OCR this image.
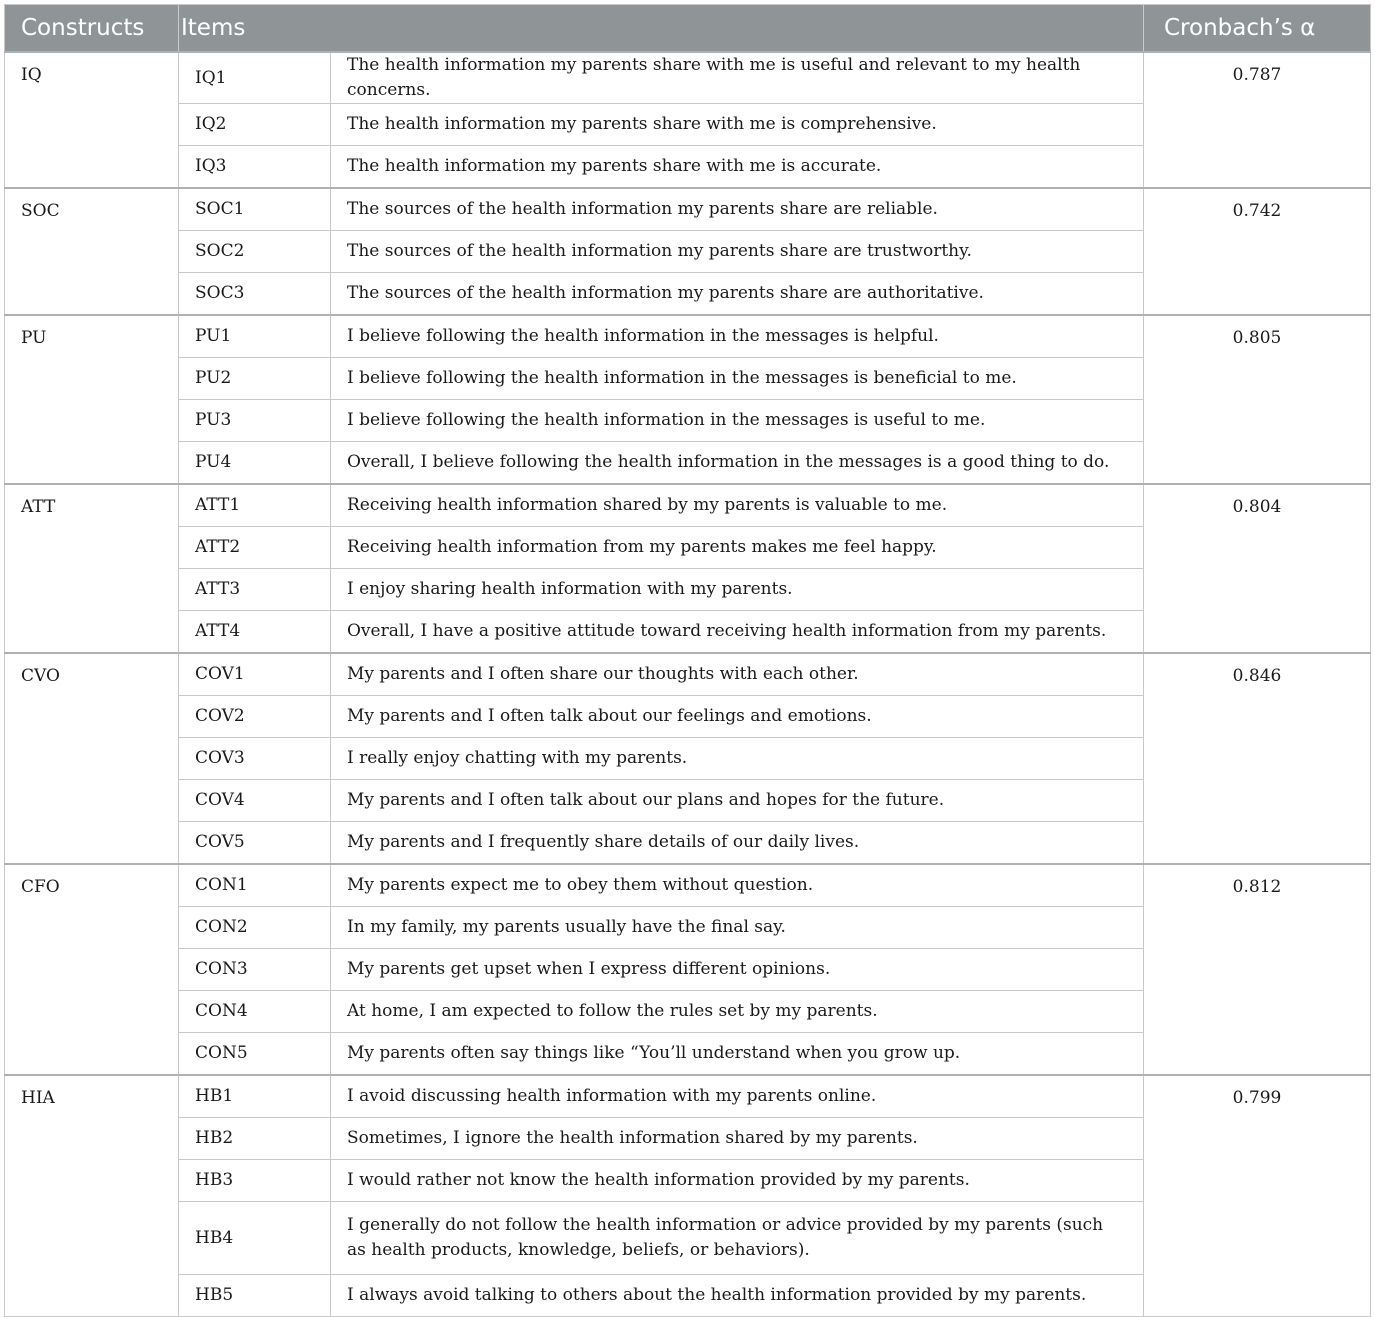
Constructs	Items		Cronbach’s α
IQ	IQ1	The health information my parents share with me is useful and relevant to my health concerns.	0.787
	IQ2	The health information my parents share with me is comprehensive.	
	IQ3	The health information my parents share with me is accurate.	
SOC	SOC1	The sources of the health information my parents share are reliable.	0.742
	SOC2	The sources of the health information my parents share are trustworthy.	
	SOC3	The sources of the health information my parents share are authoritative.	
PU	PU1	I believe following the health information in the messages is helpful.	0.805
	PU2	I believe following the health information in the messages is beneficial to me.	
	PU3	I believe following the health information in the messages is useful to me.	
	PU4	Overall, I believe following the health information in the messages is a good thing to do.	
ATT	ATT1	Receiving health information shared by my parents is valuable to me.	0.804
	ATT2	Receiving health information from my parents makes me feel happy.	
	ATT3	I enjoy sharing health information with my parents.	
	ATT4	Overall, I have a positive attitude toward receiving health information from my parents.	
CVO	COV1	My parents and I often share our thoughts with each other.	0.846
	COV2	My parents and I often talk about our feelings and emotions.	
	COV3	I really enjoy chatting with my parents.	
	COV4	My parents and I often talk about our plans and hopes for the future.	
	COV5	My parents and I frequently share details of our daily lives.	
CFO	CON1	My parents expect me to obey them without question.	0.812
	CON2	In my family, my parents usually have the final say.	
	CON3	My parents get upset when I express different opinions.	
	CON4	At home, I am expected to follow the rules set by my parents.	
	CON5	My parents often say things like “You’ll understand when you grow up.	
HIA	HB1	I avoid discussing health information with my parents online.	0.799
	HB2	Sometimes, I ignore the health information shared by my parents.	
	HB3	I would rather not know the health information provided by my parents.	
	HB4	I generally do not follow the health information or advice provided by my parents (such as health products, knowledge, beliefs, or behaviors).	
	HB5	I always avoid talking to others about the health information provided by my parents.	
